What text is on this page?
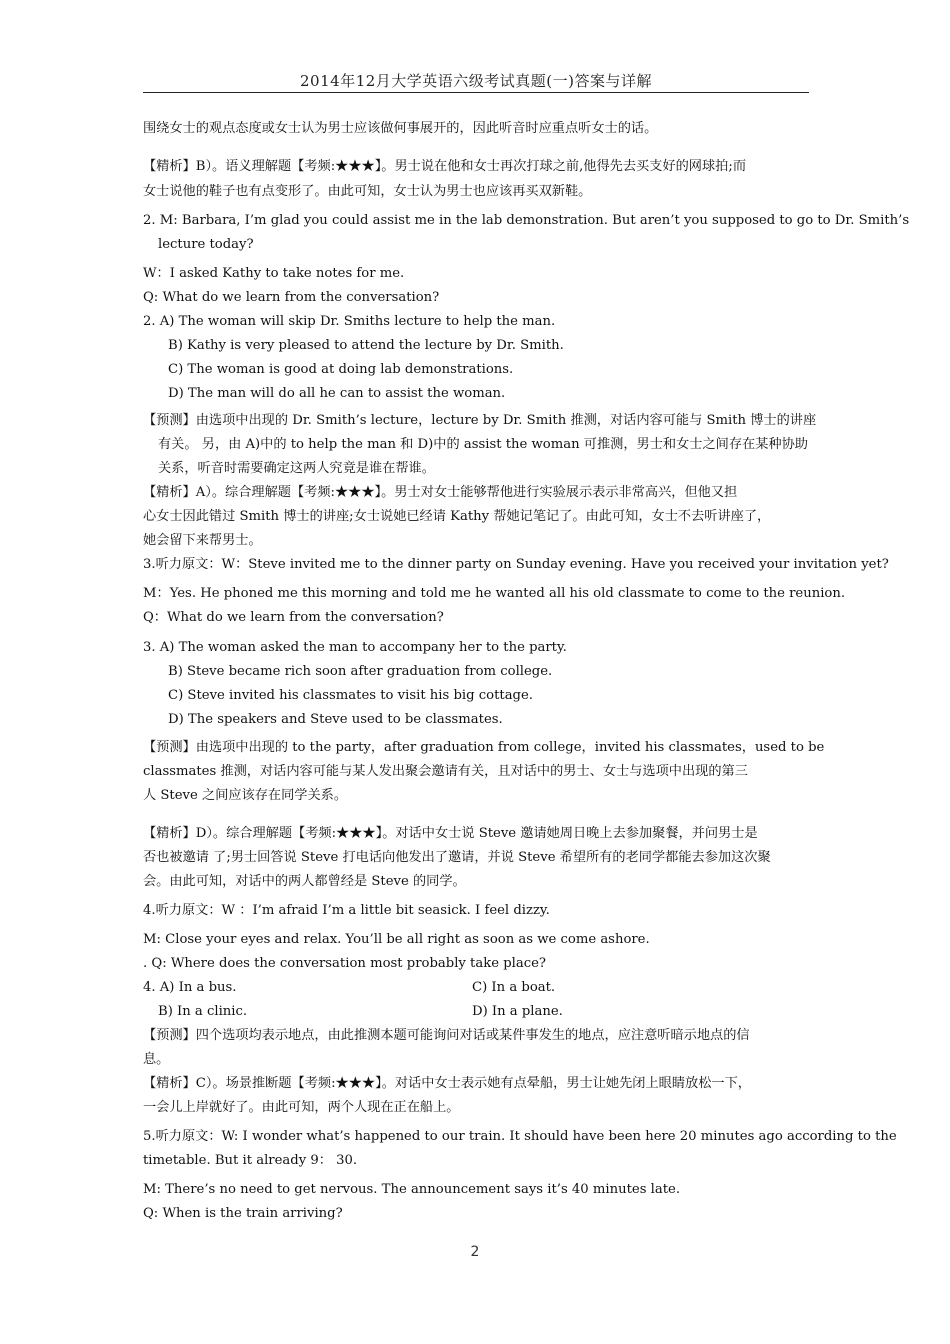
2014年12月大学英语六级考试真题(一)答案与详解
围绕女士的观点态度或女士认为男士应该做何事展开的，因此听音时应重点听女士的话。
【精析】B）。语义理解题【考频:★★★】。男士说在他和女士再次打球之前,他得先去买支好的网球拍;而
女士说他的鞋子也有点变形了。由此可知，女士认为男士也应该再买双新鞋。
2. M: Barbara, I’m glad you could assist me in the lab demonstration. But aren’t you supposed to go to Dr. Smith’s
lecture today?
W：I asked Kathy to take notes for me.
Q: What do we learn from the conversation?
2. A) The woman will skip Dr. Smiths lecture to help the man.
B) Kathy is very pleased to attend the lecture by Dr. Smith.
C) The woman is good at doing lab demonstrations.
D) The man will do all he can to assist the woman.
【预测】由选项中出现的 Dr. Smith’s lecture，lecture by Dr. Smith 推测，对话内容可能与 Smith 博士的讲座
有关。 另，由 A)中的 to help the man 和 D)中的 assist the woman 可推测，男士和女士之间存在某种协助
关系，听音时需要确定这两人究竟是谁在帮谁。
【精析】A）。综合理解题【考频:★★★】。男士对女士能够帮他进行实验展示表示非常高兴，但他又担
心女士因此错过 Smith 博士的讲座;女士说她已经请 Kathy 帮她记笔记了。由此可知，女士不去听讲座了，
她会留下来帮男士。
3.听力原文：W：Steve invited me to the dinner party on Sunday evening. Have you received your invitation yet?
M：Yes. He phoned me this morning and told me he wanted all his old classmate to come to the reunion.
Q：What do we learn from the conversation?
3. A) The woman asked the man to accompany her to the party.
B) Steve became rich soon after graduation from college.
C) Steve invited his classmates to visit his big cottage.
D) The speakers and Steve used to be classmates.
【预测】由选项中出现的 to the party，after graduation from college，invited his classmates，used to be
classmates 推测，对话内容可能与某人发出聚会邀请有关，且对话中的男士、女士与选项中出现的第三
人 Steve 之间应该存在同学关系。
【精析】D）。综合理解题【考频:★★★】。对话中女士说 Steve 邀请她周日晚上去参加聚餐，并问男士是
否也被邀请 了;男士回答说 Steve 打电话向他发出了邀请，并说 Steve 希望所有的老同学都能去参加这次聚
会。由此可知，对话中的两人都曾经是 Steve 的同学。
4.听力原文：W ：I’m afraid I’m a little bit seasick. I feel dizzy.
M: Close your eyes and relax. You’ll be all right as soon as we come ashore.
. Q: Where does the conversation most probably take place?
4. A) In a bus.	C) In a boat.
B) In a clinic.	D) In a plane.
【预测】四个选项均表示地点，由此推测本题可能询问对话或某件事发生的地点，应注意听暗示地点的信
息。
【精析】C）。场景推断题【考频:★★★】。对话中女士表示她有点晕船，男士让她先闭上眼睛放松一下，
一会儿上岸就好了。由此可知，两个人现在正在船上。
5.听力原文：W: I wonder what’s happened to our train. It should have been here 20 minutes ago according to the
timetable. But it already 9： 30.
M: There’s no need to get nervous. The announcement says it’s 40 minutes late.
Q: When is the train arriving?
2
